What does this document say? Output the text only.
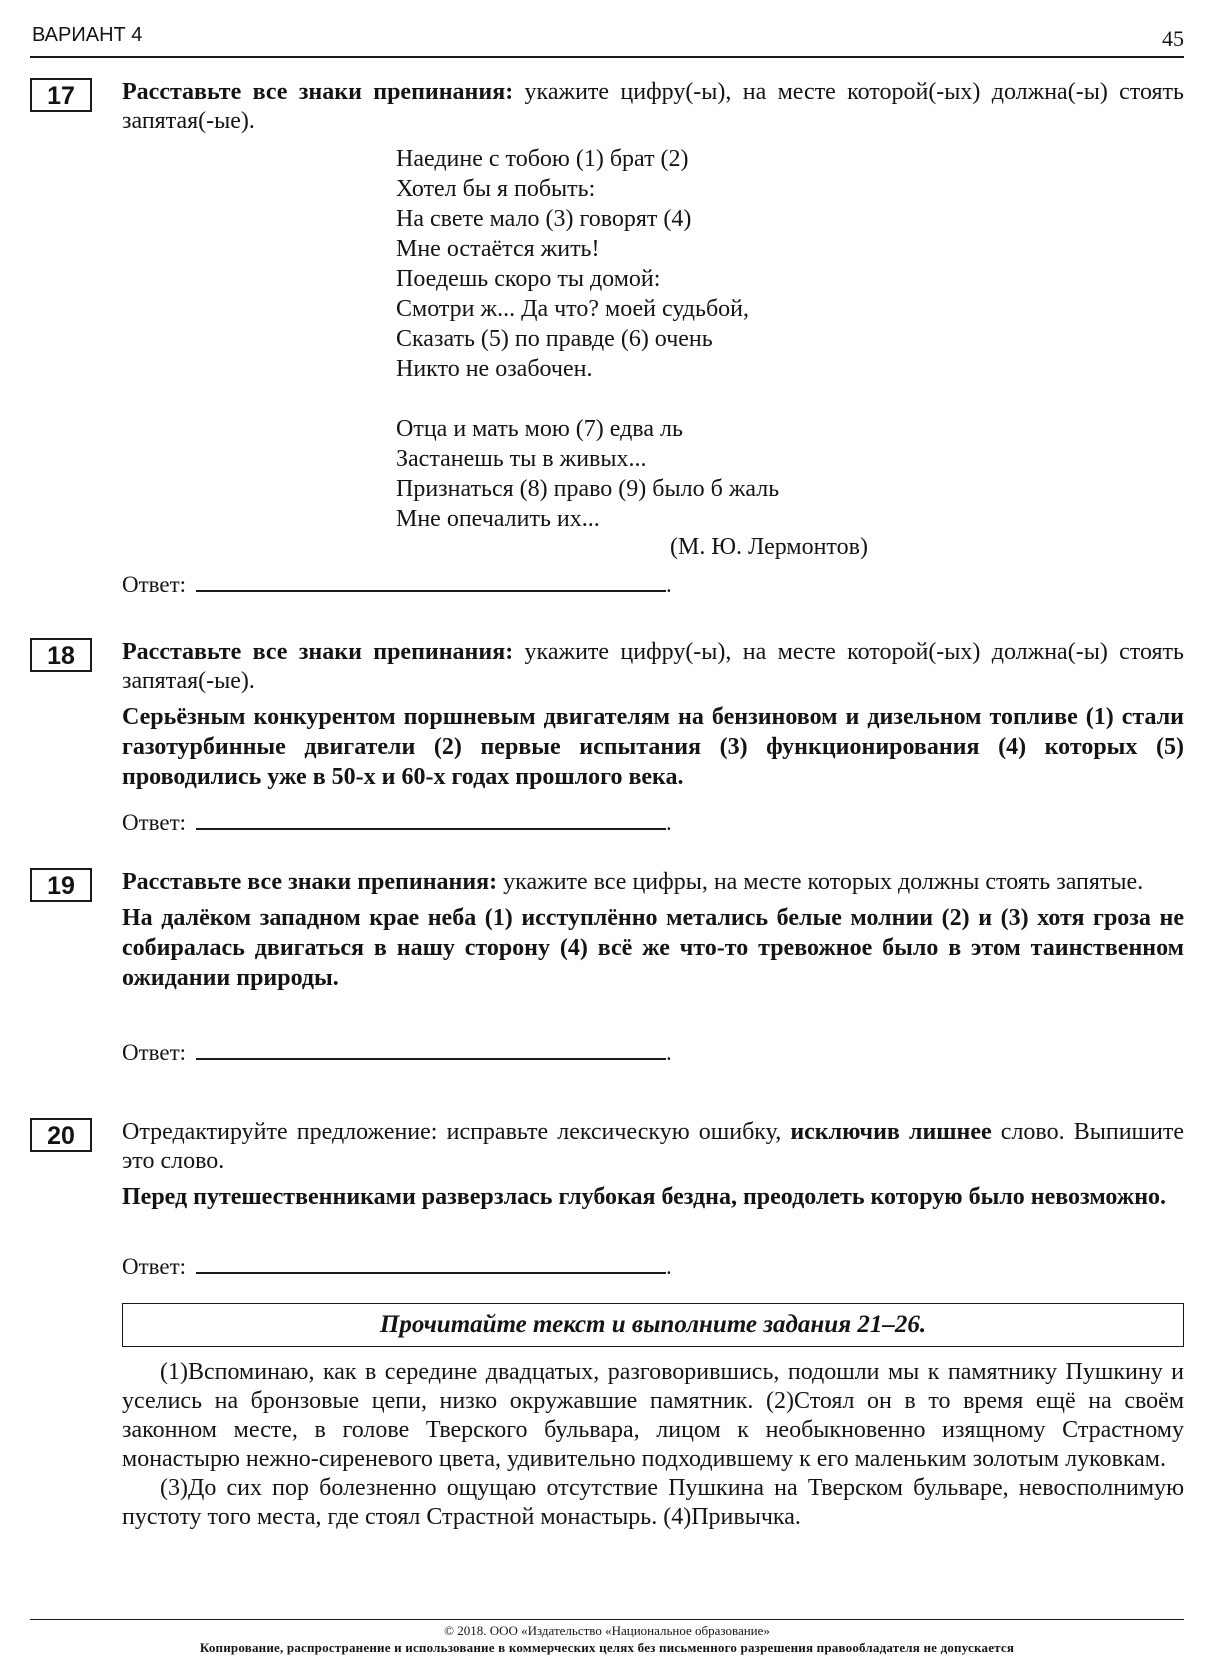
ВАРИАНТ 4	45
17	Расставьте все знаки препинания: укажите цифру(-ы), на месте которой(-ых) должна(-ы) стоять запятая(-ые).

Наедине с тобою (1) брат (2)
Хотел бы я побыть:
На свете мало (3) говорят (4)
Мне остаётся жить!
Поедешь скоро ты домой:
Смотри ж... Да что? моей судьбой,
Сказать (5) по правде (6) очень
Никто не озабочен.
Отца и мать мою (7) едва ль
Застанешь ты в живых...
Признаться (8) право (9) было б жаль
Мне опечалить их...
(М. Ю. Лермонтов)
Ответ:	.
18	Расставьте все знаки препинания: укажите цифру(-ы), на месте которой(-ых) должна(-ы) стоять запятая(-ые).

Серьёзным конкурентом поршневым двигателям на бензиновом и дизельном топливе (1) стали газотурбинные двигатели (2) первые испытания (3) функционирования (4) которых (5) проводились уже в 50-х и 60-х годах прошлого века.

Ответ:	.
19	Расставьте все знаки препинания: укажите все цифры, на месте которых должны стоять запятые.

На далёком западном крае неба (1) исступлённо метались белые молнии (2) и (3) хотя гроза не собиралась двигаться в нашу сторону (4) всё же что-то тревожное было в этом таинственном ожидании природы.

Ответ:	.
20	Отредактируйте предложение: исправьте лексическую ошибку, исключив лишнее слово. Выпишите это слово.

Перед путешественниками разверзлась глубокая бездна, преодолеть которую было невозможно.

Ответ:	.
Прочитайте текст и выполните задания 21–26.

(1)Вспоминаю, как в середине двадцатых, разговорившись, подошли мы к памятнику Пушкину и уселись на бронзовые цепи, низко окружавшие памятник. (2)Стоял он в то время ещё на своём законном месте, в голове Тверского бульвара, лицом к необыкновенно изящному Страстному монастырю нежно-сиреневого цвета, удивительно подходившему к его маленьким золотым луковкам.

(3)До сих пор болезненно ощущаю отсутствие Пушкина на Тверском бульваре, невосполнимую пустоту того места, где стоял Страстной монастырь. (4)Привычка.

© 2018. ООО «Издательство «Национальное образование»
Копирование, распространение и использование в коммерческих целях без письменного разрешения правообладателя не допускается
